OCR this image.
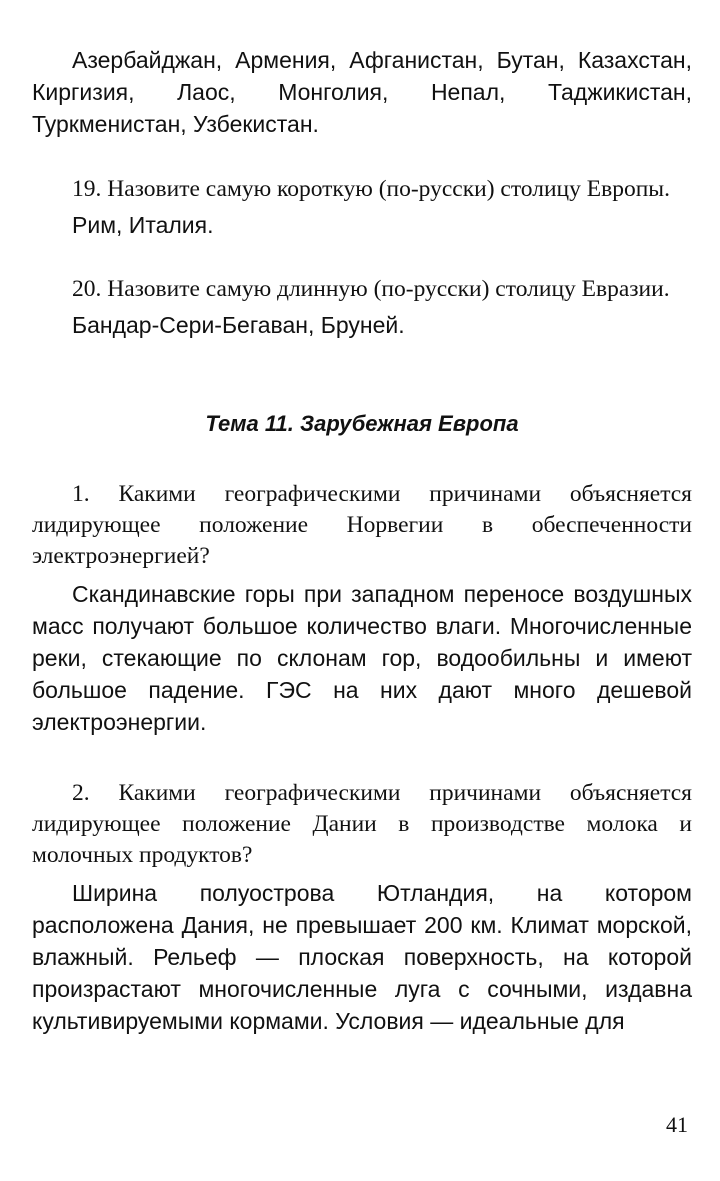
Азербайджан, Армения, Афганистан, Бутан, Казахстан, Киргизия, Лаос, Монголия, Непал, Таджикистан, Туркменистан, Узбекистан.

19. Назовите самую короткую (по-русски) столицу Европы.

Рим, Италия.

20. Назовите самую длинную (по-русски) столицу Евразии.

Бандар-Сери-Бегаван, Бруней.

Тема 11. Зарубежная Европа

1. Какими географическими причинами объясняется лидирующее положение Норвегии в обеспеченности электроэнергией?

Скандинавские горы при западном переносе воздушных масс получают большое количество влаги. Многочисленные реки, стекающие по склонам гор, водообильны и имеют большое падение. ГЭС на них дают много дешевой электроэнергии.

2. Какими географическими причинами объясняется лидирующее положение Дании в производстве молока и молочных продуктов?

Ширина полуострова Ютландия, на котором расположена Дания, не превышает 200 км. Климат морской, влажный. Рельеф — плоская поверхность, на которой произрастают многочисленные луга с сочными, издавна культивируемыми кормами. Условия — идеальные для

41
